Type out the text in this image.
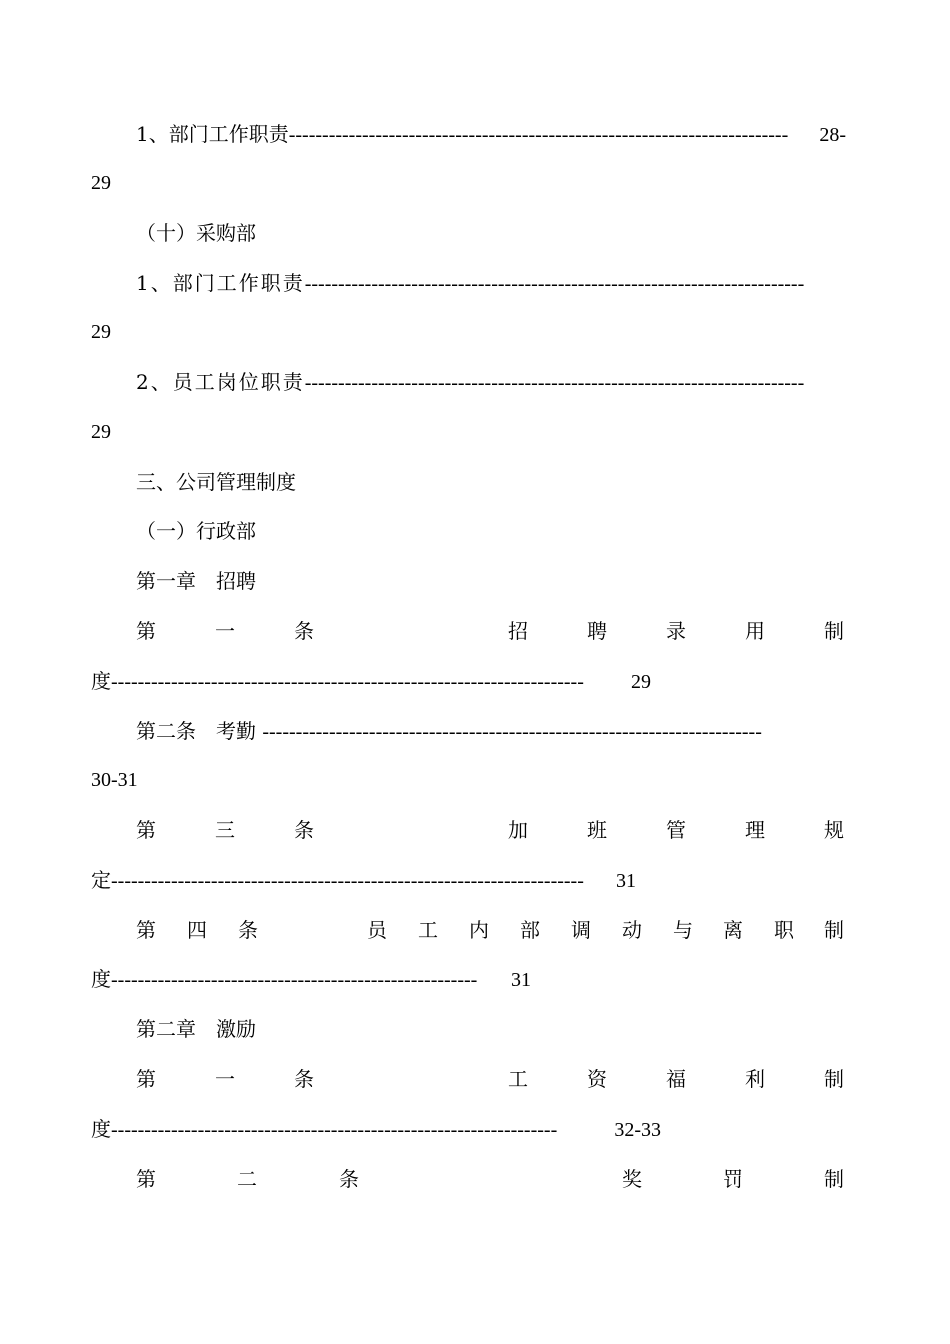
1、部门工作职责 ---------------------------------------------------------------------------	28-
29
（十）采购部
1、部门工作职责 ---------------------------------------------------------------------------
29
2、员工岗位职责 ---------------------------------------------------------------------------
29
三、公司管理制度
（一）行政部
第一章　招聘
第	一	条	招	聘	录	用	制
度 -----------------------------------------------------------------------	29
第二条　考勤 ---------------------------------------------------------------------------
30-31
第	三	条	加	班	管	理	规
定 -----------------------------------------------------------------------	31
第 四 条	员 工 内 部 调 动 与 离 职 制
度 -------------------------------------------------------	31
第二章　激励
第	一	条	工	资	福	利	制
度 -------------------------------------------------------------------	32-33
第	二	条	奖	罚	制
